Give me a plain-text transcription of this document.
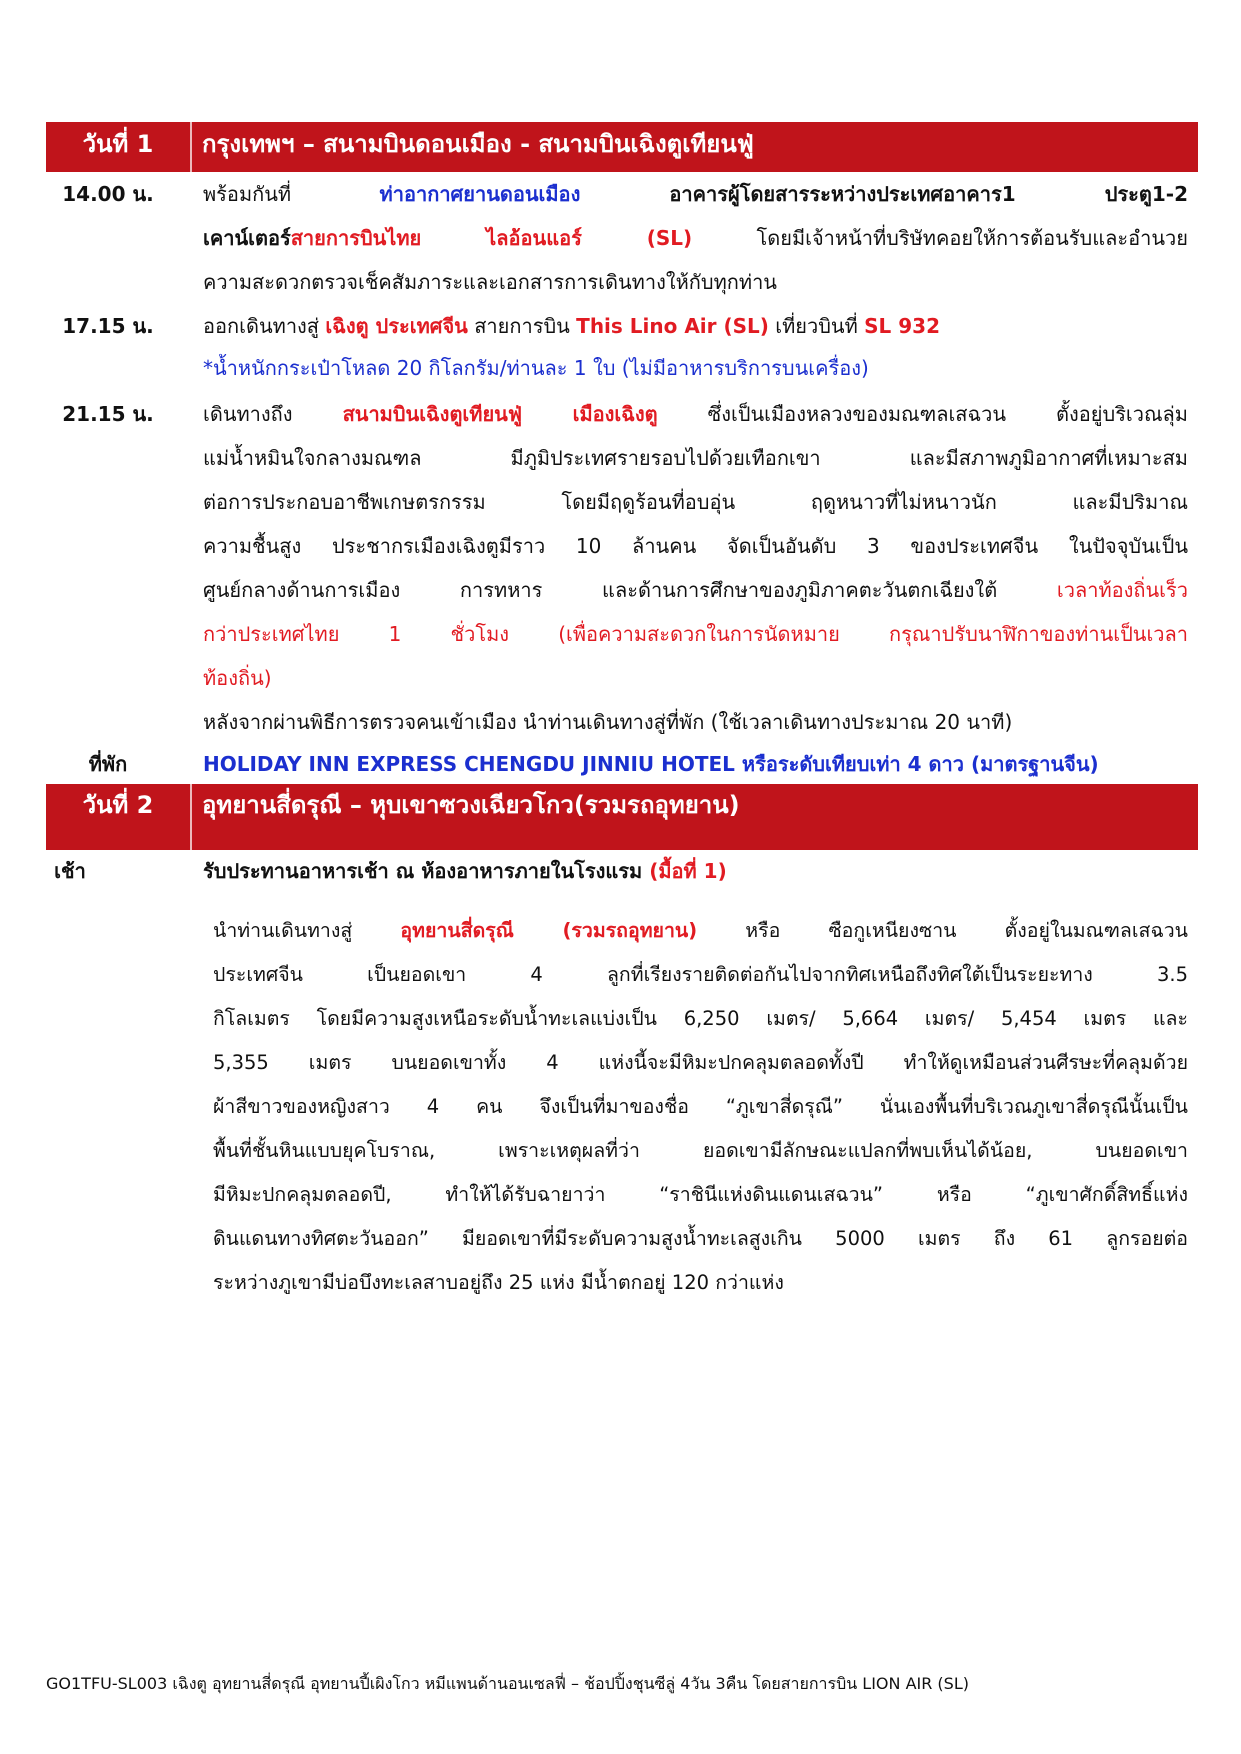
วันที่ 1	กรุงเทพฯ – สนามบินดอนเมือง - สนามบินเฉิงตูเทียนฟู่
14.00 น.	พร้อมกันที่ ท่าอากาศยานดอนเมือง อาคารผู้โดยสารระหว่างประเทศอาคาร1 ประตู1-2
เคาน์เตอร์สายการบินไทย ไลอ้อนแอร์ (SL) โดยมีเจ้าหน้าที่บริษัทคอยให้การต้อนรับและอำนวย
ความสะดวกตรวจเช็คสัมภาระและเอกสารการเดินทางให้กับทุกท่าน
17.15 น.	ออกเดินทางสู่ เฉิงตู ประเทศจีน สายการบิน This Lino Air (SL) เที่ยวบินที่ SL 932
*น้ำหนักกระเป๋าโหลด 20 กิโลกรัม/ท่านละ 1 ใบ (ไม่มีอาหารบริการบนเครื่อง)
21.15 น.	เดินทางถึง สนามบินเฉิงตูเทียนฟู่ เมืองเฉิงตู ซึ่งเป็นเมืองหลวงของมณฑลเสฉวน ตั้งอยู่บริเวณลุ่ม
แม่น้ำหมินใจกลางมณฑล มีภูมิประเทศรายรอบไปด้วยเทือกเขา และมีสภาพภูมิอากาศที่เหมาะสม
ต่อการประกอบอาชีพเกษตรกรรม โดยมีฤดูร้อนที่อบอุ่น ฤดูหนาวที่ไม่หนาวนัก และมีปริมาณ
ความชื้นสูง ประชากรเมืองเฉิงตูมีราว 10 ล้านคน จัดเป็นอันดับ 3 ของประเทศจีน ในปัจจุบันเป็น
ศูนย์กลางด้านการเมือง การทหาร และด้านการศึกษาของภูมิภาคตะวันตกเฉียงใต้ เวลาท้องถิ่นเร็ว
กว่าประเทศไทย 1 ชั่วโมง (เพื่อความสะดวกในการนัดหมาย กรุณาปรับนาฬิกาของท่านเป็นเวลา
ท้องถิ่น)
หลังจากผ่านพิธีการตรวจคนเข้าเมือง นำท่านเดินทางสู่ที่พัก (ใช้เวลาเดินทางประมาณ 20 นาที)
ที่พัก	HOLIDAY INN EXPRESS CHENGDU JINNIU HOTEL หรือระดับเทียบเท่า 4 ดาว (มาตรฐานจีน)
วันที่ 2	อุทยานสี่ดรุณี – หุบเขาซวงเฉียวโกว(รวมรถอุทยาน)
เช้า	รับประทานอาหารเช้า ณ ห้องอาหารภายในโรงแรม (มื้อที่ 1)
นำท่านเดินทางสู่ อุทยานสี่ดรุณี (รวมรถอุทยาน) หรือ ซือกูเหนียงซาน ตั้งอยู่ในมณฑลเสฉวน
ประเทศจีน เป็นยอดเขา 4 ลูกที่เรียงรายติดต่อกันไปจากทิศเหนือถึงทิศใต้เป็นระยะทาง 3.5
กิโลเมตร โดยมีความสูงเหนือระดับน้ำทะเลแบ่งเป็น 6,250 เมตร/ 5,664 เมตร/ 5,454 เมตร และ
5,355 เมตร บนยอดเขาทั้ง 4 แห่งนี้จะมีหิมะปกคลุมตลอดทั้งปี ทำให้ดูเหมือนส่วนศีรษะที่คลุมด้วย
ผ้าสีขาวของหญิงสาว 4 คน จึงเป็นที่มาของชื่อ “ภูเขาสี่ดรุณี” นั่นเองพื้นที่บริเวณภูเขาสี่ดรุณีนั้นเป็น
พื้นที่ชั้นหินแบบยุคโบราณ, เพราะเหตุผลที่ว่า ยอดเขามีลักษณะแปลกที่พบเห็นได้น้อย, บนยอดเขา
มีหิมะปกคลุมตลอดปี, ทำให้ได้รับฉายาว่า “ราชินีแห่งดินแดนเสฉวน” หรือ “ภูเขาศักดิ์สิทธิ์แห่ง
ดินแดนทางทิศตะวันออก” มียอดเขาที่มีระดับความสูงน้ำทะเลสูงเกิน 5000 เมตร ถึง 61 ลูกรอยต่อ
ระหว่างภูเขามีบ่อบึงทะเลสาบอยู่ถึง 25 แห่ง มีน้ำตกอยู่ 120 กว่าแห่ง
GO1TFU-SL003 เฉิงตู อุทยานสี่ดรุณี อุทยานปี้เผิงโกว หมีแพนด้านอนเซลฟี่ – ช้อปปิ้งชุนซีลู่ 4วัน 3คืน โดยสายการบิน LION AIR (SL)
